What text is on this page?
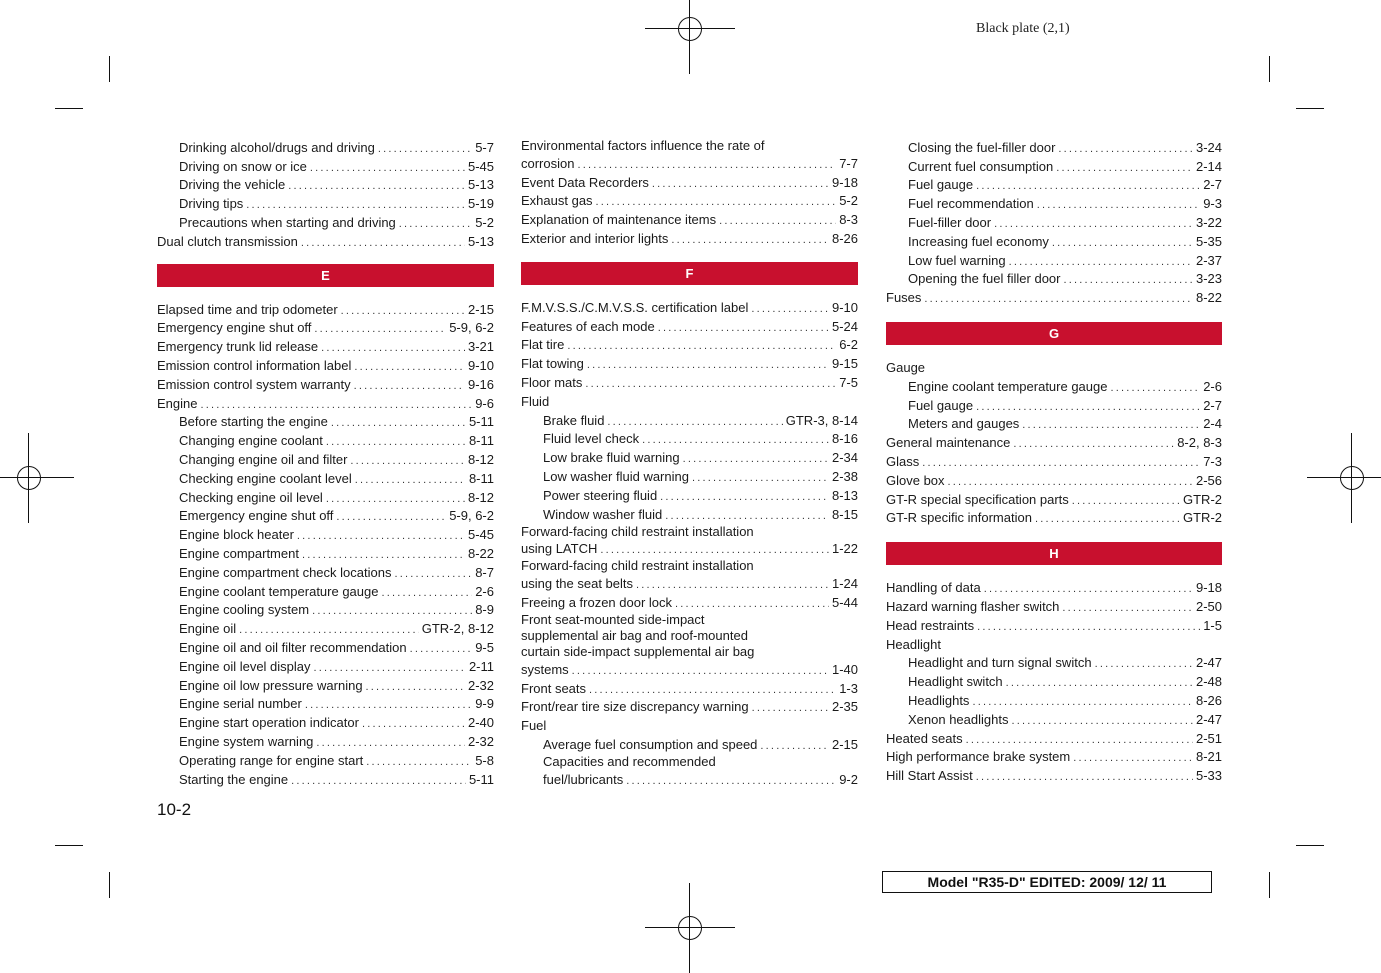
Black plate (2,1)
Drinking alcohol/drugs and driving .....	5-7
Driving on snow or ice .....	5-45
Driving the vehicle .....	5-13
Driving tips .....	5-19
Precautions when starting and driving .....	5-2
Dual clutch transmission .....	5-13
E
Elapsed time and trip odometer .....	2-15
Emergency engine shut off .....	5-9, 6-2
Emergency trunk lid release .....	3-21
Emission control information label .....	9-10
Emission control system warranty .....	9-16
Engine .....	9-6
Before starting the engine .....	5-11
Changing engine coolant .....	8-11
Changing engine oil and filter .....	8-12
Checking engine coolant level .....	8-11
Checking engine oil level .....	8-12
Emergency engine shut off .....	5-9, 6-2
Engine block heater .....	5-45
Engine compartment .....	8-22
Engine compartment check locations .....	8-7
Engine coolant temperature gauge .....	2-6
Engine cooling system .....	8-9
Engine oil .....	GTR-2, 8-12
Engine oil and oil filter recommendation .....	9-5
Engine oil level display .....	2-11
Engine oil low pressure warning .....	2-32
Engine serial number .....	9-9
Engine start operation indicator .....	2-40
Engine system warning .....	2-32
Operating range for engine start .....	5-8
Starting the engine .....	5-11
Environmental factors influence the rate of
corrosion .....	7-7
Event Data Recorders .....	9-18
Exhaust gas .....	5-2
Explanation of maintenance items .....	8-3
Exterior and interior lights .....	8-26
F
F.M.V.S.S./C.M.V.S.S. certification label .....	9-10
Features of each mode .....	5-24
Flat tire .....	6-2
Flat towing .....	9-15
Floor mats .....	7-5
Fluid
Brake fluid .....	GTR-3, 8-14
Fluid level check .....	8-16
Low brake fluid warning .....	2-34
Low washer fluid warning .....	2-38
Power steering fluid .....	8-13
Window washer fluid .....	8-15
Forward-facing child restraint installation
using LATCH .....	1-22
Forward-facing child restraint installation
using the seat belts .....	1-24
Freeing a frozen door lock .....	5-44
Front seat-mounted side-impact
supplemental air bag and roof-mounted
curtain side-impact supplemental air bag
systems .....	1-40
Front seats .....	1-3
Front/rear tire size discrepancy warning .....	2-35
Fuel
Average fuel consumption and speed .....	2-15
Capacities and recommended
fuel/lubricants .....	9-2
Closing the fuel-filler door .....	3-24
Current fuel consumption .....	2-14
Fuel gauge .....	2-7
Fuel recommendation .....	9-3
Fuel-filler door .....	3-22
Increasing fuel economy .....	5-35
Low fuel warning .....	2-37
Opening the fuel filler door .....	3-23
Fuses .....	8-22
G
Gauge
Engine coolant temperature gauge .....	2-6
Fuel gauge .....	2-7
Meters and gauges .....	2-4
General maintenance .....	8-2, 8-3
Glass .....	7-3
Glove box .....	2-56
GT-R special specification parts .....	GTR-2
GT-R specific information .....	GTR-2
H
Handling of data .....	9-18
Hazard warning flasher switch .....	2-50
Head restraints .....	1-5
Headlight
Headlight and turn signal switch .....	2-47
Headlight switch .....	2-48
Headlights .....	8-26
Xenon headlights .....	2-47
Heated seats .....	2-51
High performance brake system .....	8-21
Hill Start Assist .....	5-33
10-2
Model "R35-D" EDITED: 2009/ 12/ 11
